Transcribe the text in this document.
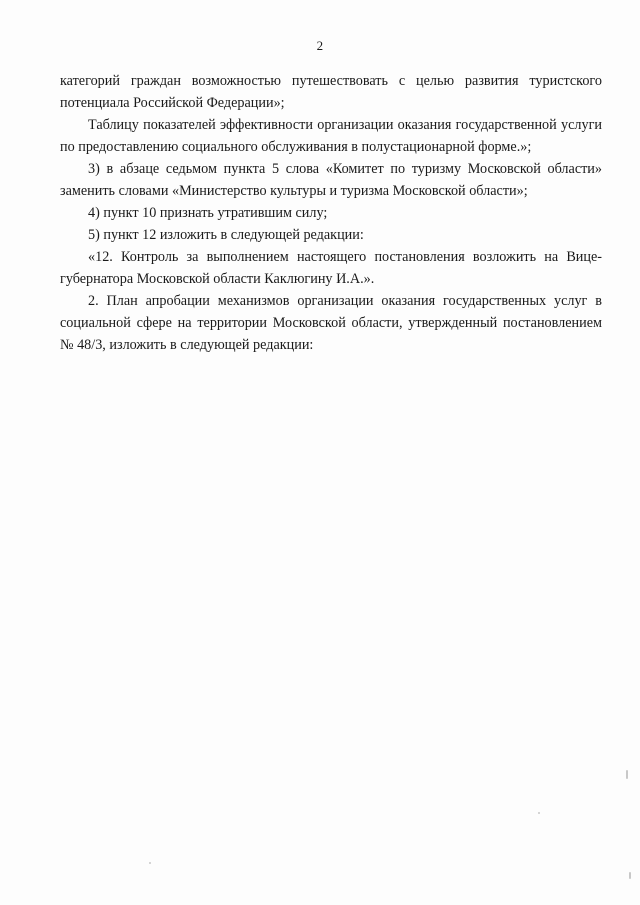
2

категорий граждан возможностью путешествовать с целью развития туристского потенциала Российской Федерации»;

Таблицу показателей эффективности организации оказания государственной услуги по предоставлению социального обслуживания в полустационарной форме.»;

3) в абзаце седьмом пункта 5 слова «Комитет по туризму Московской области» заменить словами «Министерство культуры и туризма Московской области»;

4) пункт 10 признать утратившим силу;

5) пункт 12 изложить в следующей редакции:

«12. Контроль за выполнением настоящего постановления возложить на Вице-губернатора Московской области Каклюгину И.А.».

2. План апробации механизмов организации оказания государственных услуг в социальной сфере на территории Московской области, утвержденный постановлением № 48/3, изложить в следующей редакции:
